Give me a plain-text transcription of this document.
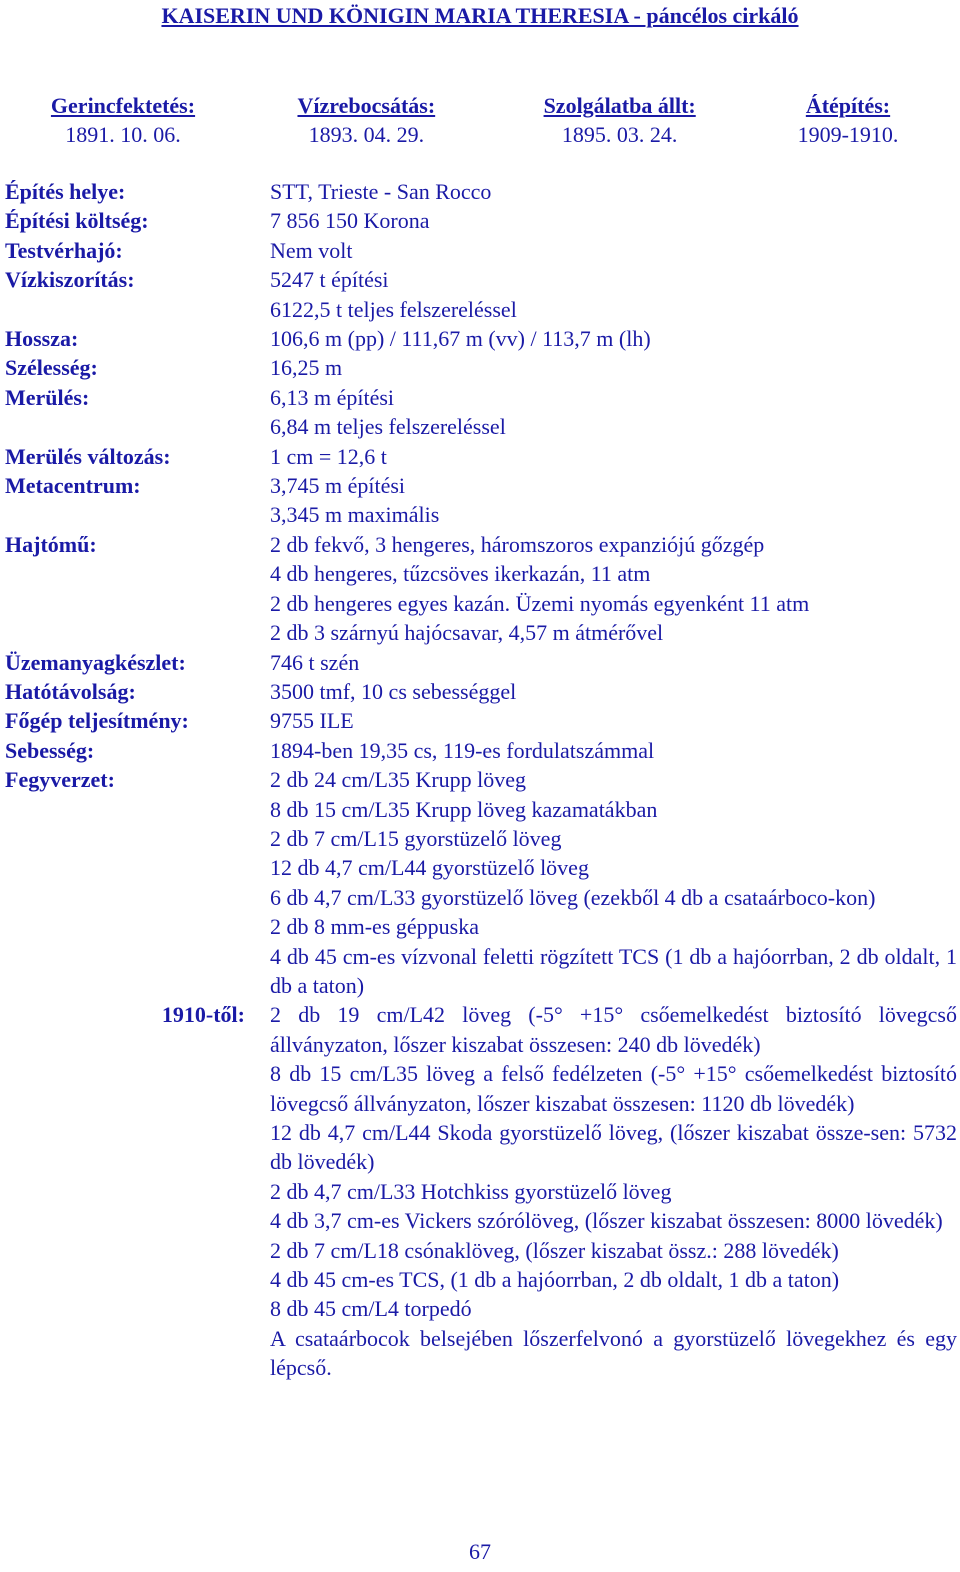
KAISERIN UND KÖNIGIN MARIA THERESIA - páncélos cirkáló
Gerincfektetés:
1891. 10. 06.
Vízrebocsátás:
1893. 04. 29.
Szolgálatba állt:
1895. 03. 24.
Átépítés:
1909-1910.
Építés helye:	STT, Trieste - San Rocco
Építési költség:	7 856 150 Korona
Testvérhajó:	Nem volt
Vízkiszorítás:	5247 t építési
6122,5 t teljes felszereléssel
Hossza:	106,6 m (pp) / 111,67 m (vv) / 113,7 m (lh)
Szélesség:	16,25 m
Merülés:	6,13 m építési
6,84 m teljes felszereléssel
Merülés változás:	1 cm = 12,6 t
Metacentrum:	3,745 m építési
3,345 m maximális
Hajtómű:	2 db fekvő, 3 hengeres, háromszoros expanziójú gőzgép
4 db hengeres, tűzcsöves ikerkazán, 11 atm
2 db hengeres egyes kazán. Üzemi nyomás egyenként 11 atm
2 db 3 szárnyú hajócsavar, 4,57 m átmérővel
Üzemanyagkészlet:	746 t szén
Hatótávolság:	3500 tmf, 10 cs sebességgel
Főgép teljesítmény:	9755 ILE
Sebesség:	1894-ben 19,35 cs, 119-es fordulatszámmal
Fegyverzet:	2 db 24 cm/L35 Krupp löveg
8 db 15 cm/L35 Krupp löveg kazamatákban
2 db 7 cm/L15 gyorstüzelő löveg
12 db 4,7 cm/L44 gyorstüzelő löveg
6 db 4,7 cm/L33 gyorstüzelő löveg (ezekből 4 db a csataárboco-kon)
2 db 8 mm-es géppuska
4 db 45 cm-es vízvonal feletti rögzített TCS (1 db a hajóorrban, 2 db oldalt, 1 db a taton)
1910-től:	2 db 19 cm/L42 löveg (-5° +15° csőemelkedést biztosító lövegcső állványzaton, lőszer kiszabat összesen: 240 db lövedék)
8 db 15 cm/L35 löveg a felső fedélzeten (-5° +15° csőemelkedést biztosító lövegcső állványzaton, lőszer kiszabat összesen: 1120 db lövedék)
12 db 4,7 cm/L44 Skoda gyorstüzelő löveg, (lőszer kiszabat össze-sen: 5732 db lövedék)
2 db 4,7 cm/L33 Hotchkiss gyorstüzelő löveg
4 db 3,7 cm-es Vickers szórólöveg, (lőszer kiszabat összesen: 8000 lövedék)
2 db 7 cm/L18 csónaklöveg, (lőszer kiszabat össz.: 288 lövedék)
4 db 45 cm-es TCS, (1 db a hajóorrban, 2 db oldalt, 1 db a taton)
8 db 45 cm/L4 torpedó
A csataárbocok belsejében lőszerfelvonó a gyorstüzelő lövegekhez és egy lépcső.
67
